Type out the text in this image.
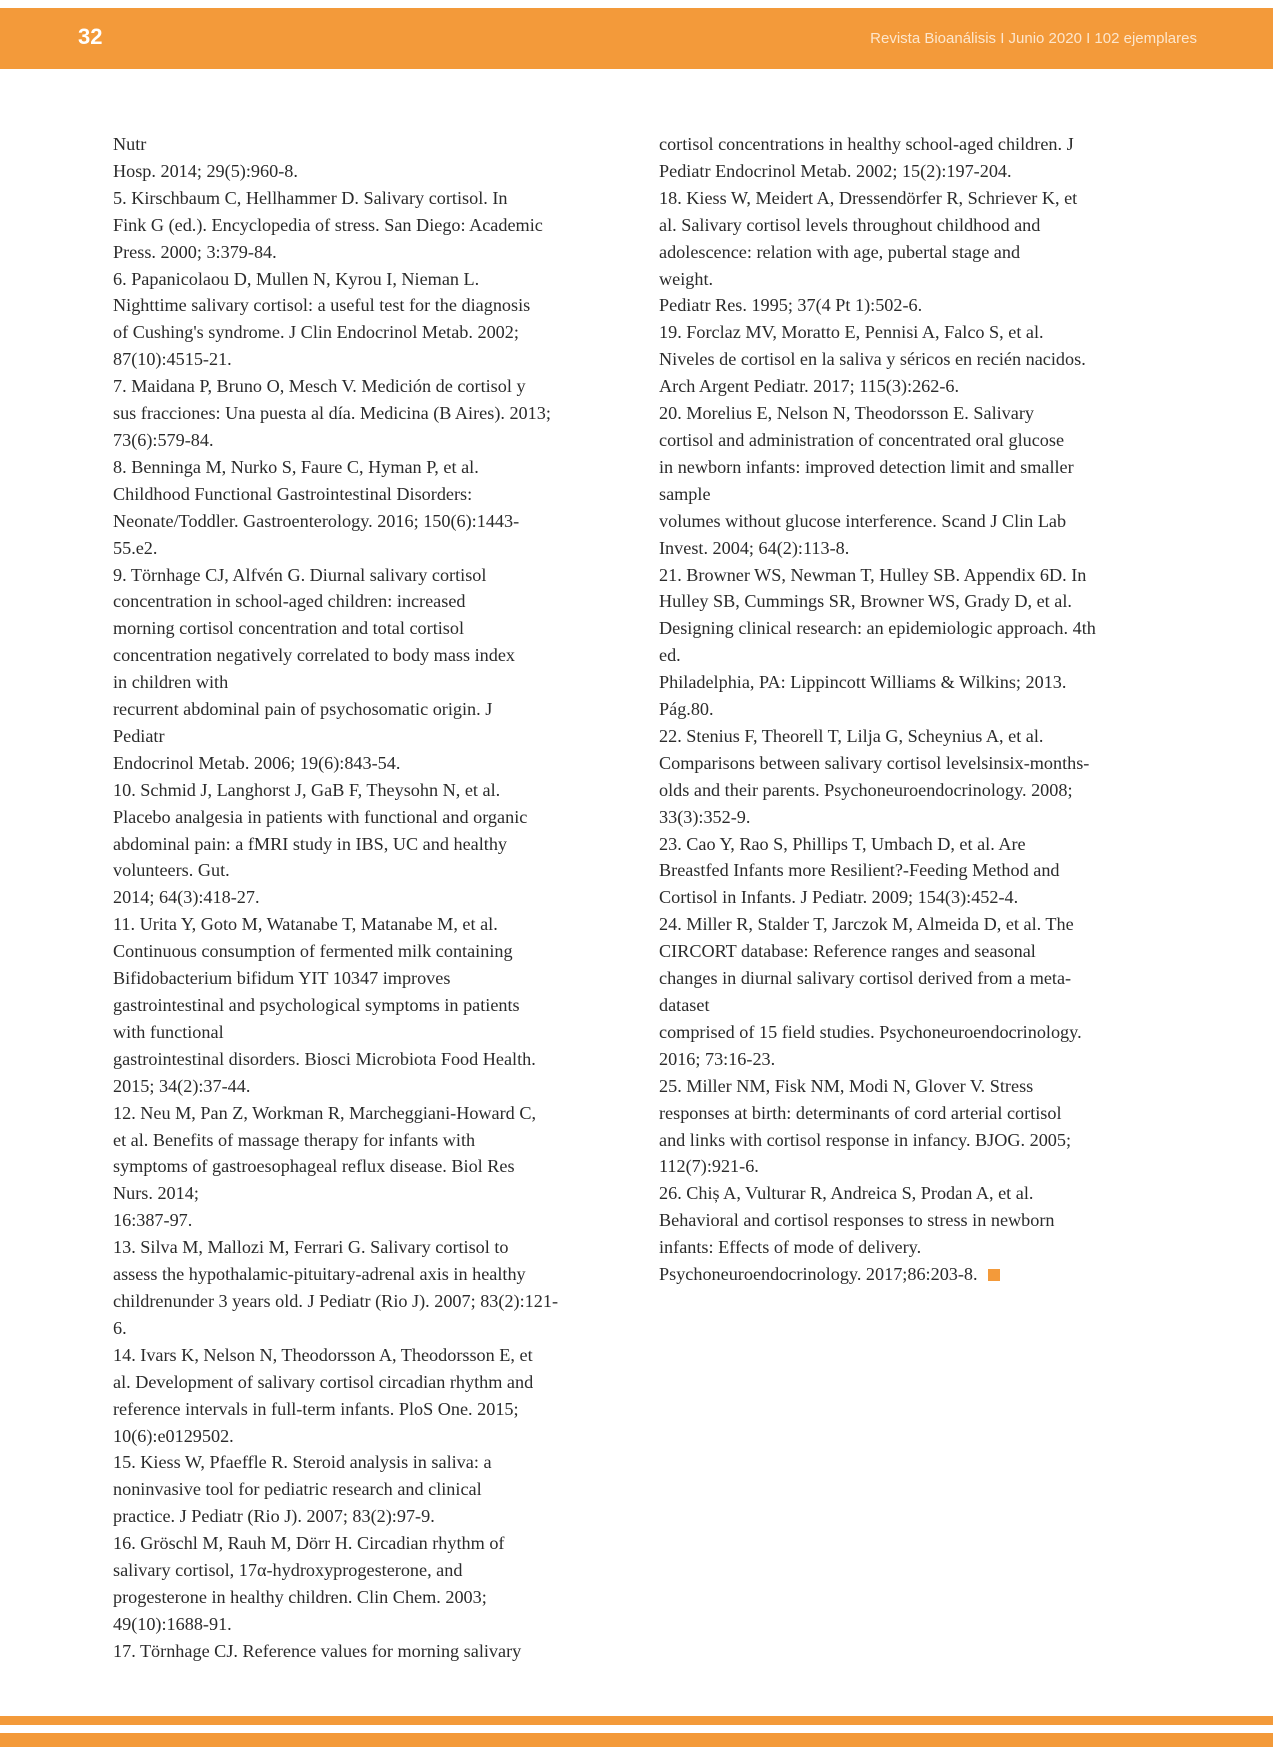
32	Revista Bioanálisis I Junio 2020 I 102 ejemplares
Nutr
Hosp. 2014; 29(5):960-8.
5. Kirschbaum C, Hellhammer D. Salivary cortisol. In
Fink G (ed.). Encyclopedia of stress. San Diego: Academic
Press. 2000; 3:379-84.
6. Papanicolaou D, Mullen N, Kyrou I, Nieman L.
Nighttime salivary cortisol: a useful test for the diagnosis
of Cushing's syndrome. J Clin Endocrinol Metab. 2002;
87(10):4515-21.
7. Maidana P, Bruno O, Mesch V. Medición de cortisol y
sus fracciones: Una puesta al día. Medicina (B Aires). 2013;
73(6):579-84.
8. Benninga M, Nurko S, Faure C, Hyman P, et al.
Childhood Functional Gastrointestinal Disorders:
Neonate/Toddler. Gastroenterology. 2016; 150(6):1443-
55.e2.
9. Törnhage CJ, Alfvén G. Diurnal salivary cortisol
concentration in school-aged children: increased
morning cortisol concentration and total cortisol
concentration negatively correlated to body mass index
in children with
recurrent abdominal pain of psychosomatic origin. J
Pediatr
Endocrinol Metab. 2006; 19(6):843-54.
10. Schmid J, Langhorst J, GaB F, Theysohn N, et al.
Placebo analgesia in patients with functional and organic
abdominal pain: a fMRI study in IBS, UC and healthy
volunteers. Gut.
2014; 64(3):418-27.
11. Urita Y, Goto M, Watanabe T, Matanabe M, et al.
Continuous consumption of fermented milk containing
Bifidobacterium bifidum YIT 10347 improves
gastrointestinal and psychological symptoms in patients
with functional
gastrointestinal disorders. Biosci Microbiota Food Health.
2015; 34(2):37-44.
12. Neu M, Pan Z, Workman R, Marcheggiani-Howard C,
et al. Benefits of massage therapy for infants with
symptoms of gastroesophageal reflux disease. Biol Res
Nurs. 2014;
16:387-97.
13. Silva M, Mallozi M, Ferrari G. Salivary cortisol to
assess the hypothalamic-pituitary-adrenal axis in healthy
childrenunder 3 years old. J Pediatr (Rio J). 2007; 83(2):121-
6.
14. Ivars K, Nelson N, Theodorsson A, Theodorsson E, et
al. Development of salivary cortisol circadian rhythm and
reference intervals in full-term infants. PloS One. 2015;
10(6):e0129502.
15. Kiess W, Pfaeffle R. Steroid analysis in saliva: a
noninvasive tool for pediatric research and clinical
practice. J Pediatr (Rio J). 2007; 83(2):97-9.
16. Gröschl M, Rauh M, Dörr H. Circadian rhythm of
salivary cortisol, 17α-hydroxyprogesterone, and
progesterone in healthy children. Clin Chem. 2003;
49(10):1688-91.
17. Törnhage CJ. Reference values for morning salivary
cortisol concentrations in healthy school-aged children. J
Pediatr Endocrinol Metab. 2002; 15(2):197-204.
18. Kiess W, Meidert A, Dressendörfer R, Schriever K, et
al. Salivary cortisol levels throughout childhood and
adolescence: relation with age, pubertal stage and
weight.
Pediatr Res. 1995; 37(4 Pt 1):502-6.
19. Forclaz MV, Moratto E, Pennisi A, Falco S, et al.
Niveles de cortisol en la saliva y séricos en recién nacidos.
Arch Argent Pediatr. 2017; 115(3):262-6.
20. Morelius E, Nelson N, Theodorsson E. Salivary
cortisol and administration of concentrated oral glucose
in newborn infants: improved detection limit and smaller
sample
volumes without glucose interference. Scand J Clin Lab
Invest. 2004; 64(2):113-8.
21. Browner WS, Newman T, Hulley SB. Appendix 6D. In
Hulley SB, Cummings SR, Browner WS, Grady D, et al.
Designing clinical research: an epidemiologic approach. 4th
ed.
Philadelphia, PA: Lippincott Williams & Wilkins; 2013.
Pág.80.
22. Stenius F, Theorell T, Lilja G, Scheynius A, et al.
Comparisons between salivary cortisol levelsinsix-months-
olds and their parents. Psychoneuroendocrinology. 2008;
33(3):352-9.
23. Cao Y, Rao S, Phillips T, Umbach D, et al. Are
Breastfed Infants more Resilient?-Feeding Method and
Cortisol in Infants. J Pediatr. 2009; 154(3):452-4.
24. Miller R, Stalder T, Jarczok M, Almeida D, et al. The
CIRCORT database: Reference ranges and seasonal
changes in diurnal salivary cortisol derived from a meta-
dataset
comprised of 15 field studies. Psychoneuroendocrinology.
2016; 73:16-23.
25. Miller NM, Fisk NM, Modi N, Glover V. Stress
responses at birth: determinants of cord arterial cortisol
and links with cortisol response in infancy. BJOG. 2005;
112(7):921-6.
26. Chiș A, Vulturar R, Andreica S, Prodan A, et al.
Behavioral and cortisol responses to stress in newborn
infants: Effects of mode of delivery.
Psychoneuroendocrinology. 2017;86:203-8.
